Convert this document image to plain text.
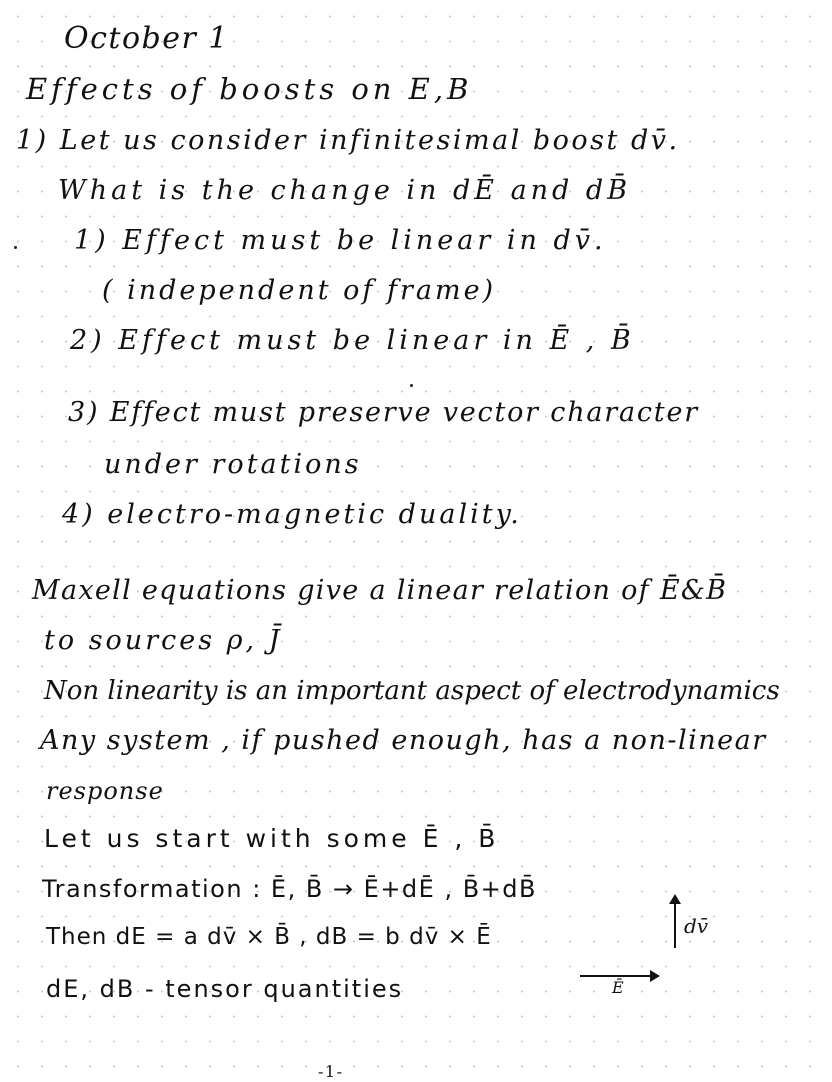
October 1
Effects of boosts on E,B
1) Let us consider infinitesimal boost dv̄.
What is the change in dĒ and dB̄
1) Effect must be linear in dv̄.
( independent of frame)
2) Effect must be linear in Ē , B̄
3) Effect must preserve vector character
under rotations
4) electro-magnetic duality.
Maxell equations give a linear relation of Ē&B̄
to sources ρ, J̄
Non linearity is an important aspect of electrodynamics
Any system , if pushed enough, has a non-linear
response
Let us start with some Ē , B̄
Transformation : Ē, B̄ → Ē+dĒ , B̄+dB̄
Then dE = a dv̄ × B̄ , dB = b dv̄ × Ē
dE, dB - tensor quantities
dv̄
Ē
-1-
